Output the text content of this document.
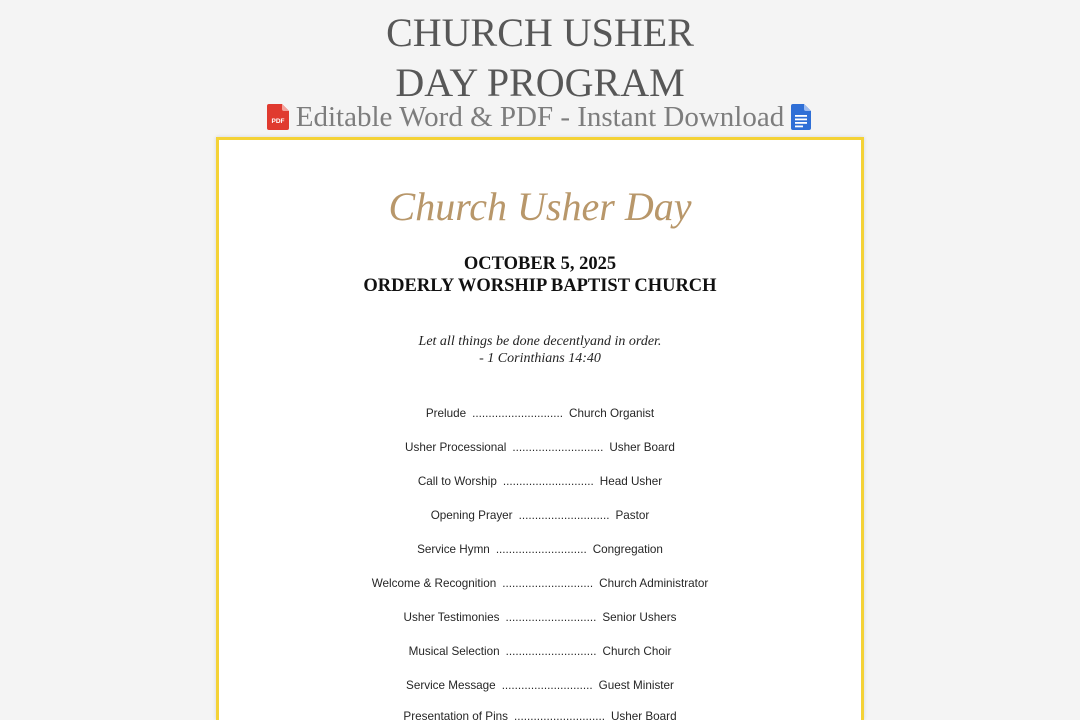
CHURCH USHER
DAY PROGRAM
PDF Editable Word & PDF - Instant Download
Church Usher Day
OCTOBER 5, 2025
ORDERLY WORSHIP BAPTIST CHURCH
Let all things be done decentlyand in order.
- 1 Corinthians 14:40
Prelude ............................ Church Organist
Usher Processional ............................ Usher Board
Call to Worship ............................ Head Usher
Opening Prayer ............................ Pastor
Service Hymn ............................ Congregation
Welcome & Recognition ............................ Church Administrator
Usher Testimonies ............................ Senior Ushers
Musical Selection ............................ Church Choir
Service Message ............................ Guest Minister
Presentation of Pins ............................ Usher Board
